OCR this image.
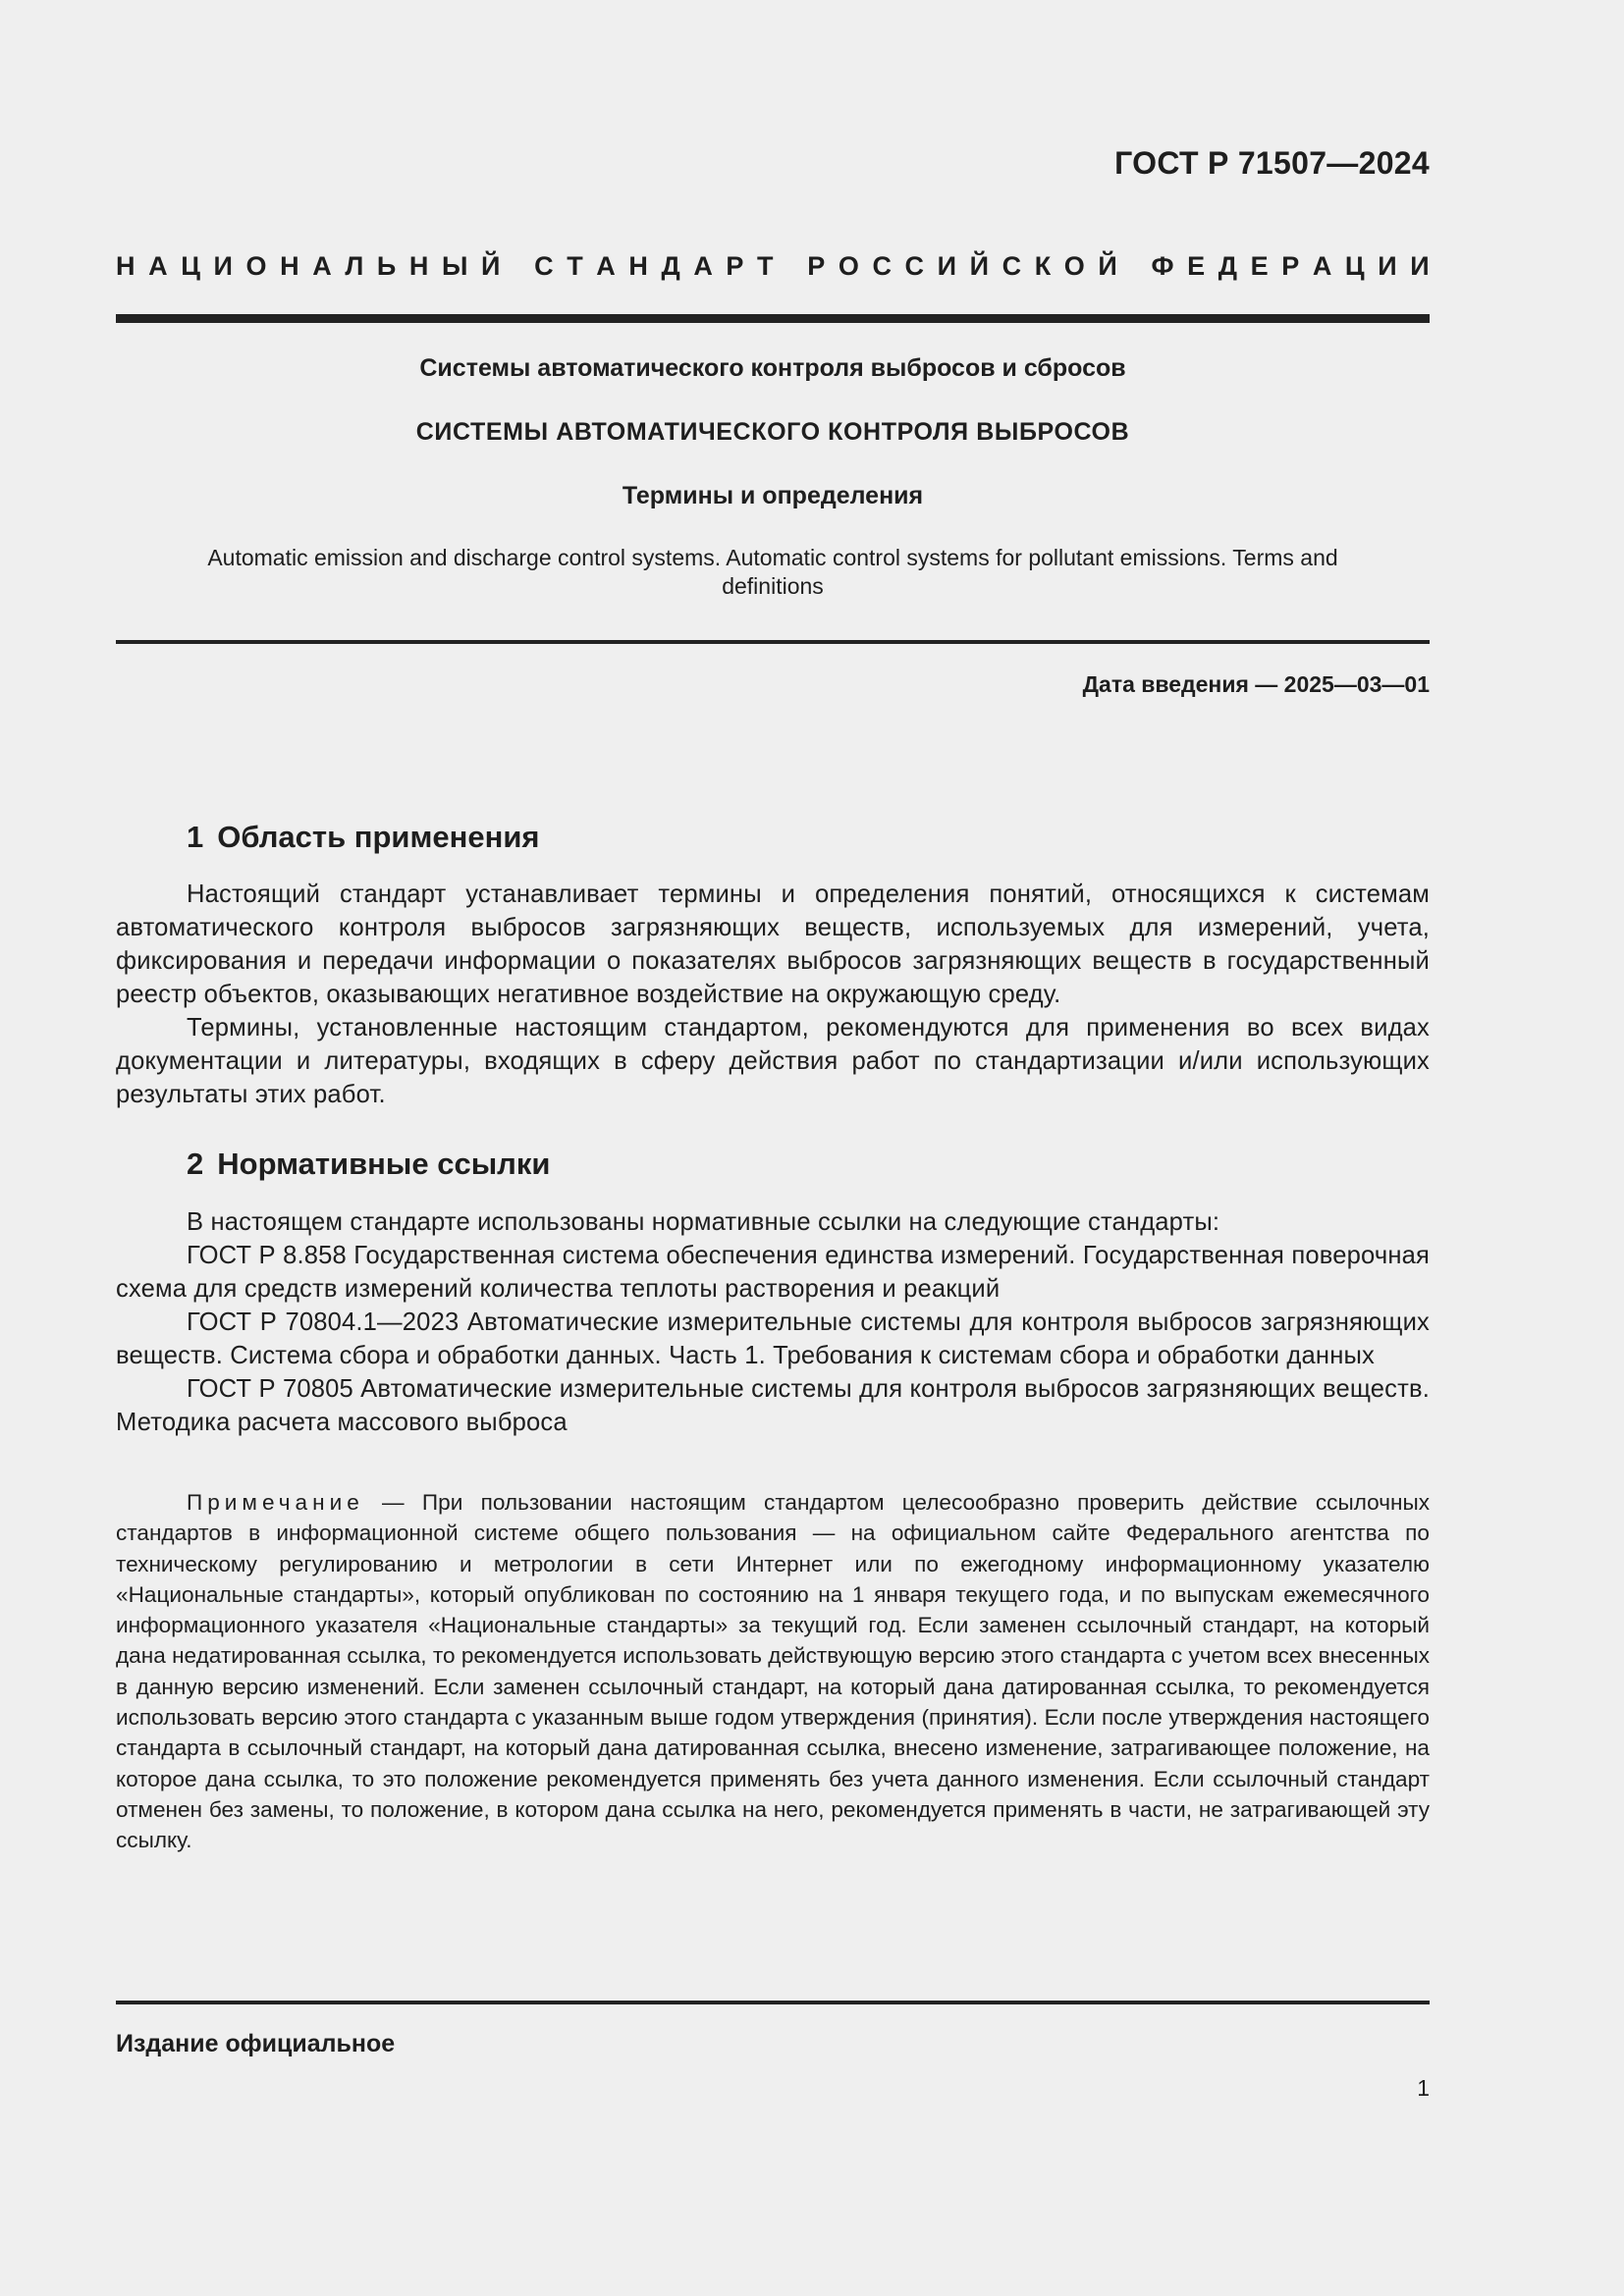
ГОСТ Р 71507—2024
Н А Ц И О Н А Л Ь Н Ы Й
С Т А Н Д А Р Т
Р О С С И Й С К О Й
Ф Е Д Е Р А Ц И И
Системы автоматического контроля выбросов и сбросов
СИСТЕМЫ АВТОМАТИЧЕСКОГО КОНТРОЛЯ ВЫБРОСОВ
Термины и определения
Automatic emission and discharge control systems. Automatic control systems for pollutant emissions. Terms and definitions
Дата введения — 2025—03—01
1 Область применения

Настоящий стандарт устанавливает термины и определения понятий, относящихся к системам автоматического контроля выбросов загрязняющих веществ, используемых для измерений, учета, фиксирования и передачи информации о показателях выбросов загрязняющих веществ в государственный реестр объектов, оказывающих негативное воздействие на окружающую среду.

Термины, установленные настоящим стандартом, рекомендуются для применения во всех видах документации и литературы, входящих в сферу действия работ по стандартизации и/или использующих результаты этих работ.

2 Нормативные ссылки

В настоящем стандарте использованы нормативные ссылки на следующие стандарты:

ГОСТ Р 8.858 Государственная система обеспечения единства измерений. Государственная поверочная схема для средств измерений количества теплоты растворения и реакций

ГОСТ Р 70804.1—2023 Автоматические измерительные системы для контроля выбросов загрязняющих веществ. Система сбора и обработки данных. Часть 1. Требования к системам сбора и обработки данных

ГОСТ Р 70805 Автоматические измерительные системы для контроля выбросов загрязняющих веществ. Методика расчета массового выброса

Примечание — При пользовании настоящим стандартом целесообразно проверить действие ссылочных стандартов в информационной системе общего пользования — на официальном сайте Федерального агентства по техническому регулированию и метрологии в сети Интернет или по ежегодному информационному указателю «Национальные стандарты», который опубликован по состоянию на 1 января текущего года, и по выпускам ежемесячного информационного указателя «Национальные стандарты» за текущий год. Если заменен ссылочный стандарт, на который дана недатированная ссылка, то рекомендуется использовать действующую версию этого стандарта с учетом всех внесенных в данную версию изменений. Если заменен ссылочный стандарт, на который дана датированная ссылка, то рекомендуется использовать версию этого стандарта с указанным выше годом утверждения (принятия). Если после утверждения настоящего стандарта в ссылочный стандарт, на который дана датированная ссылка, внесено изменение, затрагивающее положение, на которое дана ссылка, то это положение рекомендуется применять без учета данного изменения. Если ссылочный стандарт отменен без замены, то положение, в котором дана ссылка на него, рекомендуется применять в части, не затрагивающей эту ссылку.

Издание официальное
1
